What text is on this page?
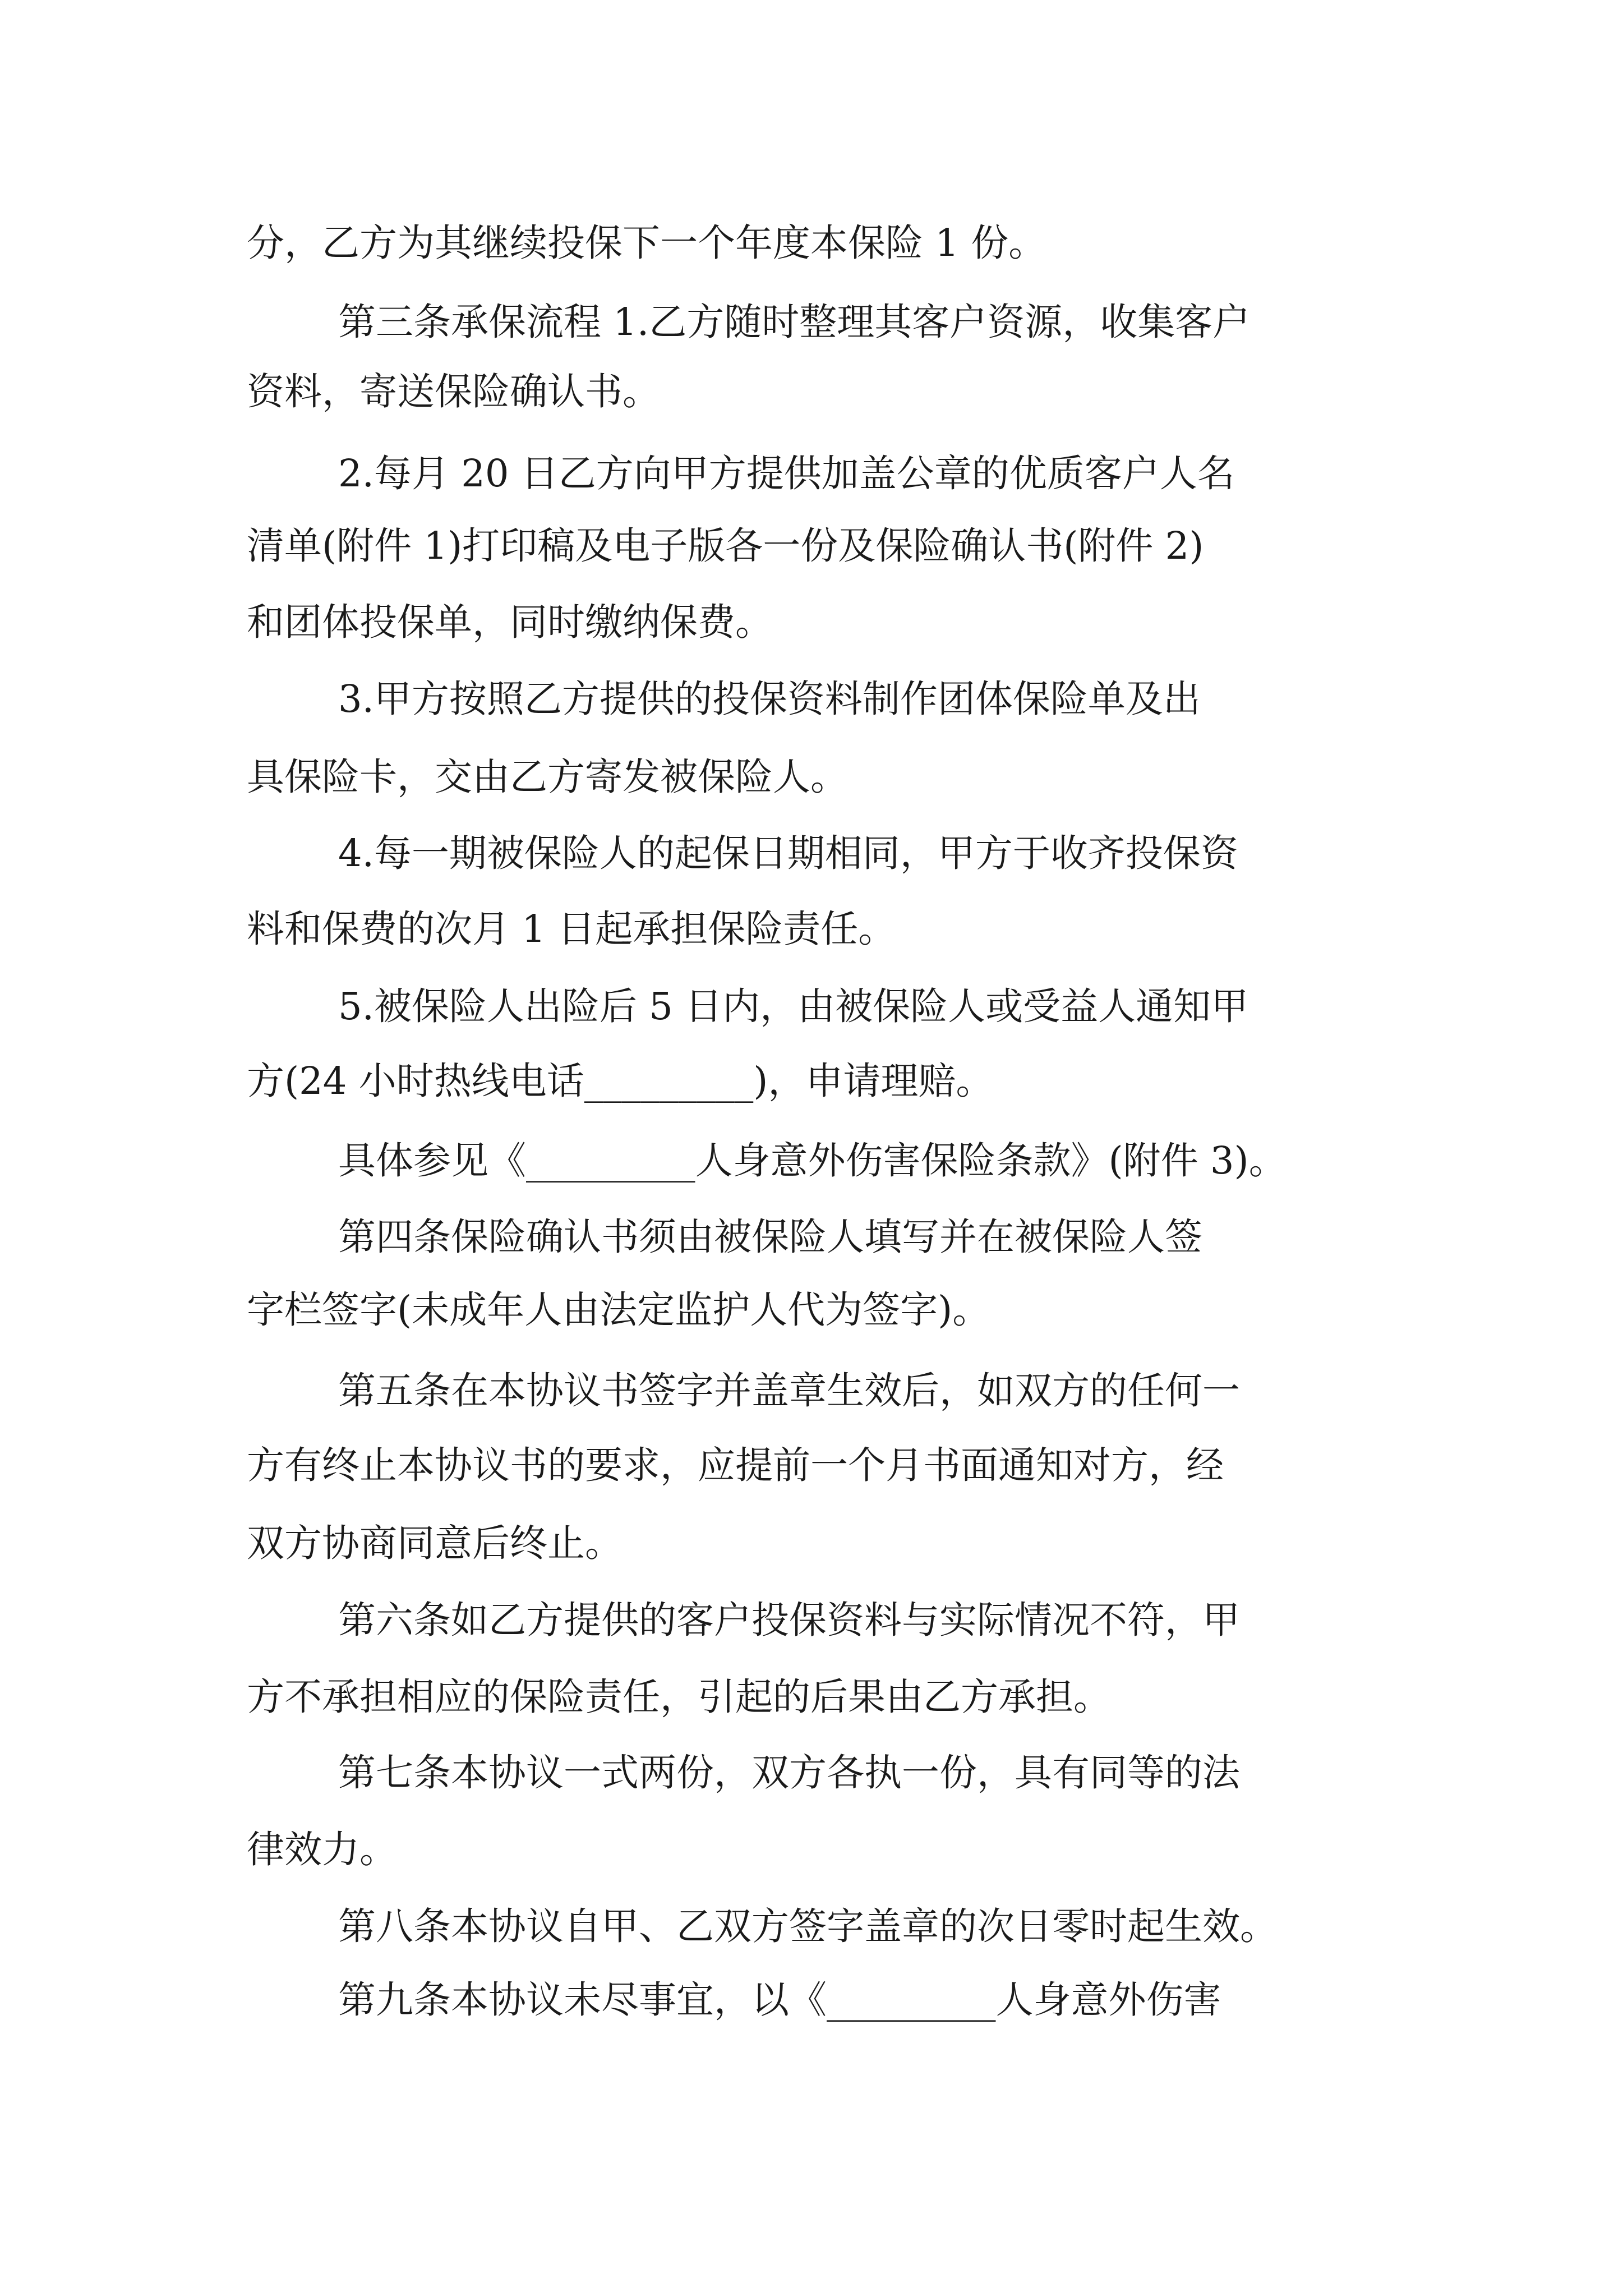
分，乙方为其继续投保下一个年度本保险 1 份。
第三条承保流程 1.乙方随时整理其客户资源，收集客户
资料，寄送保险确认书。
2.每月 20 日乙方向甲方提供加盖公章的优质客户人名
清单(附件 1)打印稿及电子版各一份及保险确认书(附件 2)
和团体投保单，同时缴纳保费。
3.甲方按照乙方提供的投保资料制作团体保险单及出
具保险卡，交由乙方寄发被保险人。
4.每一期被保险人的起保日期相同，甲方于收齐投保资
料和保费的次月 1 日起承担保险责任。
5.被保险人出险后 5 日内，由被保险人或受益人通知甲
方(24 小时热线电话_________)，申请理赔。
具体参见《_________人身意外伤害保险条款》(附件 3)。
第四条保险确认书须由被保险人填写并在被保险人签
字栏签字(未成年人由法定监护人代为签字)。
第五条在本协议书签字并盖章生效后，如双方的任何一
方有终止本协议书的要求，应提前一个月书面通知对方，经
双方协商同意后终止。
第六条如乙方提供的客户投保资料与实际情况不符，甲
方不承担相应的保险责任，引起的后果由乙方承担。
第七条本协议一式两份，双方各执一份，具有同等的法
律效力。
第八条本协议自甲、乙双方签字盖章的次日零时起生效。
第九条本协议未尽事宜，以《_________人身意外伤害
